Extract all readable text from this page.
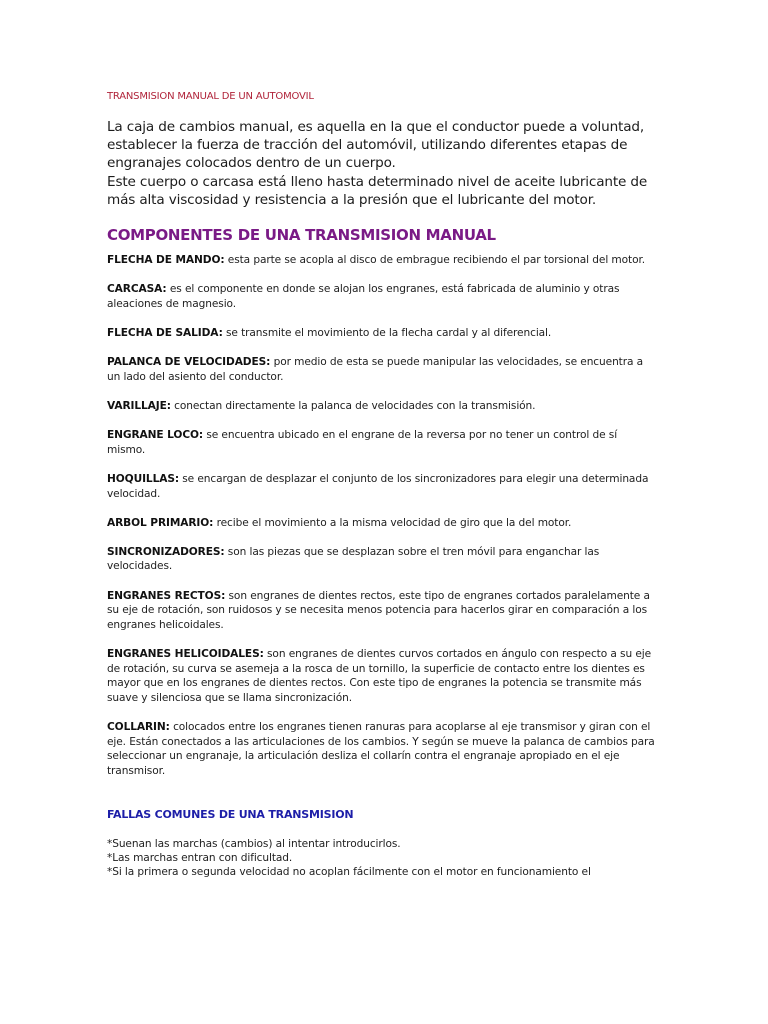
TRANSMISION MANUAL DE UN AUTOMOVIL

La caja de cambios manual, es aquella en la que el conductor puede a voluntad, establecer la fuerza de tracción del automóvil, utilizando diferentes etapas de engranajes colocados dentro de un cuerpo.

Este cuerpo o carcasa está lleno hasta determinado nivel de aceite lubricante de más alta viscosidad y resistencia a la presión que el lubricante del motor.

COMPONENTES DE UNA TRANSMISION MANUAL

FLECHA DE MANDO: esta parte se acopla al disco de embrague recibiendo el par torsional del motor.

CARCASA: es el componente en donde se alojan los engranes, está fabricada de aluminio y otras aleaciones de magnesio.

FLECHA DE SALIDA: se transmite el movimiento de la flecha cardal y al diferencial.

PALANCA DE VELOCIDADES: por medio de esta se puede manipular las velocidades, se encuentra a un lado del asiento del conductor.

VARILLAJE: conectan directamente la palanca de velocidades con la transmisión.

ENGRANE LOCO: se encuentra ubicado en el engrane de la reversa por no tener un control de sí mismo.

HOQUILLAS: se encargan de desplazar el conjunto de los sincronizadores para elegir una determinada velocidad.

ARBOL PRIMARIO: recibe el movimiento a la misma velocidad de giro que la del motor.

SINCRONIZADORES: son las piezas que se desplazan sobre el tren móvil para enganchar las velocidades.

ENGRANES RECTOS: son engranes de dientes rectos, este tipo de engranes cortados paralelamente a su eje de rotación, son ruidosos y se necesita menos potencia para hacerlos girar en comparación a los engranes helicoidales.

ENGRANES HELICOIDALES: son engranes de dientes curvos cortados en ángulo con respecto a su eje de rotación, su curva se asemeja a la rosca de un tornillo, la superficie de contacto entre los dientes es mayor que en los engranes de dientes rectos. Con este tipo de engranes la potencia se transmite más suave y silenciosa que se llama sincronización.

COLLARIN: colocados entre los engranes tienen ranuras para acoplarse al eje transmisor y giran con el eje. Están conectados a las articulaciones de los cambios. Y según se mueve la palanca de cambios para seleccionar un engranaje, la articulación desliza el collarín contra el engranaje apropiado en el eje transmisor.

FALLAS COMUNES DE UNA TRANSMISION
*Suenan las marchas (cambios) al intentar introducirlos.
*Las marchas entran con dificultad.
*Si la primera o segunda velocidad no acoplan fácilmente con el motor en funcionamiento el
